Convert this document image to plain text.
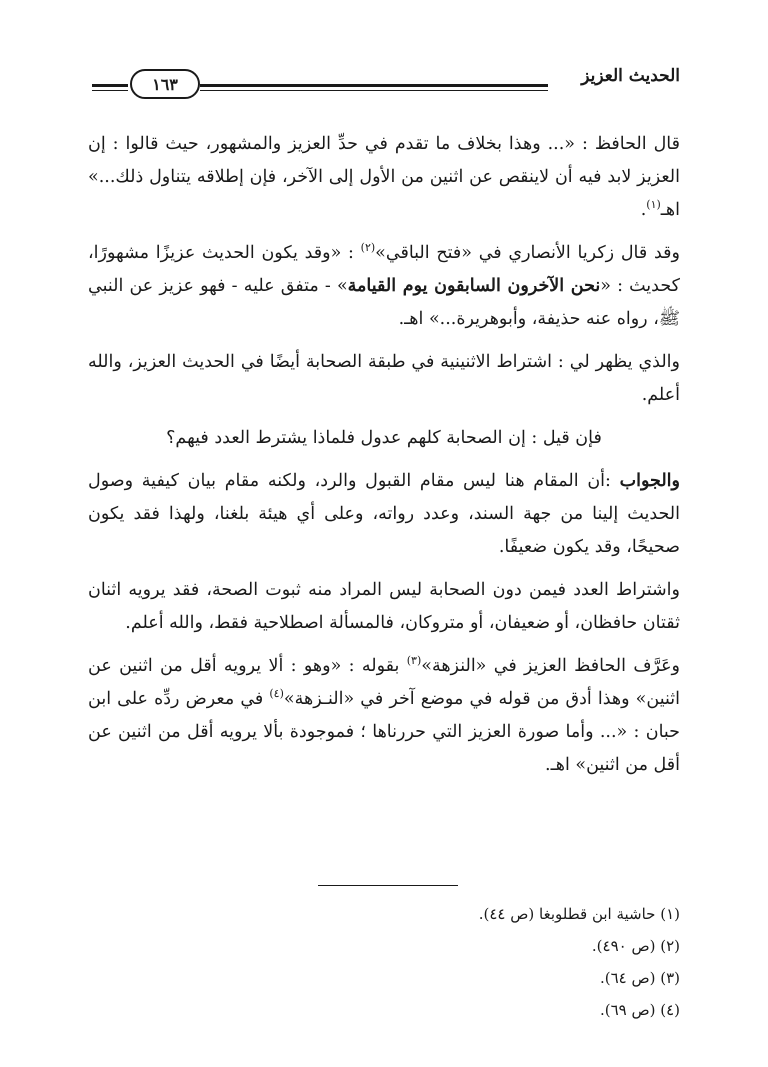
١٦٣	الحديث العزيز

قال الحافظ : «... وهذا بخلاف ما تقدم في حدِّ العزيز والمشهور، حيث قالوا : إن العزيز لابد فيه أن لاينقص عن اثنين من الأول إلى الآخر، فإن إطلاقه يتناول ذلك...» اهـ$^{(١)}$.

وقد قال زكريا الأنصاري في «فتح الباقي»$^{(٢)}$ : «وقد يكون الحديث عزيزًا مشهورًا، كحديث : «نحن الآخرون السابقون يوم القيامة» - متفق عليه - فهو عزيز عن النبي ﷺ، رواه عنه حذيفة، وأبوهريرة...» اهـ.

والذي يظهر لي : اشتراط الاثنينية في طبقة الصحابة أيضًا في الحديث العزيز، والله أعلم.

فإن قيل : إن الصحابة كلهم عدول فلماذا يشترط العدد فيهم؟

والجواب :أن المقام هنا ليس مقام القبول والرد، ولكنه مقام بيان كيفية وصول الحديث إلينا من جهة السند، وعدد رواته، وعلى أي هيئة بلغنا، ولهذا فقد يكون صحيحًا، وقد يكون ضعيفًا.

واشتراط العدد فيمن دون الصحابة ليس المراد منه ثبوت الصحة، فقد يرويه اثنان ثقتان حافظان، أو ضعيفان، أو متروكان، فالمسألة اصطلاحية فقط، والله أعلم.

وعَرَّف الحافظ العزيز في «النزهة»$^{(٣)}$ بقوله : «وهو : ألا يرويه أقل من اثنين عن اثنين» وهذا أدق من قوله في موضع آخر في «النـزهة»$^{(٤)}$ في معرض ردِّه على ابن حبان : «... وأما صورة العزيز التي حررناها ؛ فموجودة بألا يرويه أقل من اثنين عن أقل من اثنين» اهـ.

(١) حاشية ابن قطلوبغا (ص ٤٤).
(٢) (ص ٤٩٠).
(٣) (ص ٦٤).
(٤) (ص ٦٩).
